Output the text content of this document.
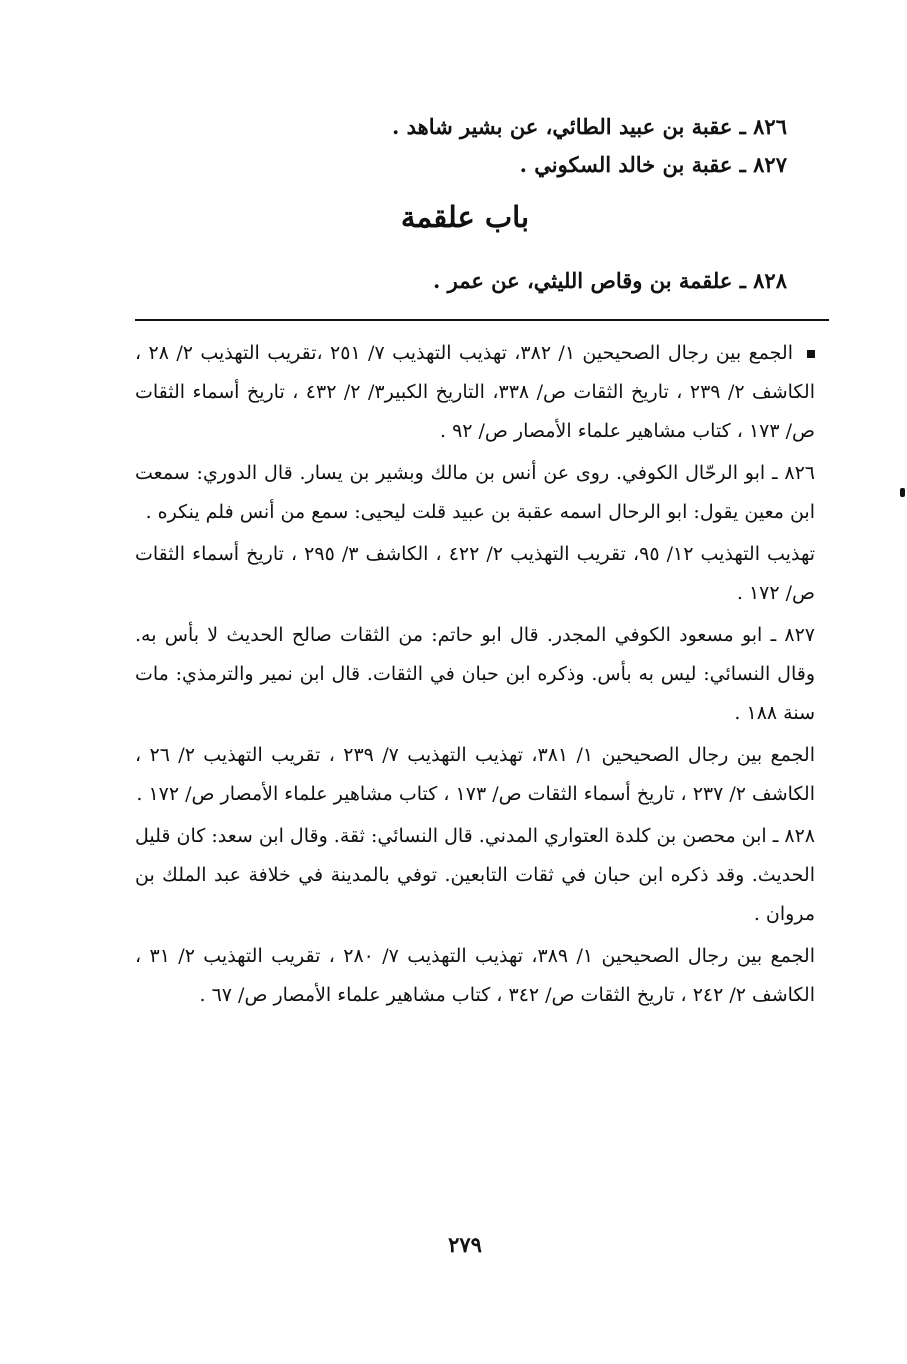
٨٢٦ ـ عقبة بن عبيد الطائي، عن بشير شاهد .

٨٢٧ ـ عقبة بن خالد السكوني .

باب علقمة
٨٢٨ ـ علقمة بن وقاص الليثي، عن عمر .

الجمع بين رجال الصحيحين ١/ ٣٨٢، تهذيب التهذيب ٧/ ٢٥١ ،تقريب التهذيب ٢/ ٢٨ ، الكاشف ٢/ ٢٣٩ ، تاريخ الثقات ص/ ٣٣٨، التاريخ الكبير٣/ ٢/ ٤٣٢ ، تاريخ أسماء الثقات ص/ ١٧٣ ، كتاب مشاهير علماء الأمصار ص/ ٩٢ .

٨٢٦ ـ ابو الرحّال الكوفي. روى عن أنس بن مالك وبشير بن يسار. قال الدوري: سمعت ابن معين يقول: ابو الرحال اسمه عقبة بن عبيد قلت ليحيى: سمع من أنس فلم ينكره .

تهذيب التهذيب ١٢/ ٩٥، تقريب التهذيب ٢/ ٤٢٢ ، الكاشف ٣/ ٢٩٥ ، تاريخ أسماء الثقات ص/ ١٧٢ .

٨٢٧ ـ ابو مسعود الكوفي المجدر. قال ابو حاتم: من الثقات صالح الحديث لا بأس به. وقال النسائي: ليس به بأس. وذكره ابن حبان في الثقات. قال ابن نمير والترمذي: مات سنة ١٨٨ .

الجمع بين رجال الصحيحين ١/ ٣٨١، تهذيب التهذيب ٧/ ٢٣٩ ، تقريب التهذيب ٢/ ٢٦ ، الكاشف ٢/ ٢٣٧ ، تاريخ أسماء الثقات ص/ ١٧٣ ، كتاب مشاهير علماء الأمصار ص/ ١٧٢ .

٨٢٨ ـ ابن محصن بن كلدة العتواري المدني. قال النسائي: ثقة. وقال ابن سعد: كان قليل الحديث. وقد ذكره ابن حبان في ثقات التابعين. توفي بالمدينة في خلافة عبد الملك بن مروان .

الجمع بين رجال الصحيحين ١/ ٣٨٩، تهذيب التهذيب ٧/ ٢٨٠ ، تقريب التهذيب ٢/ ٣١ ، الكاشف ٢/ ٢٤٢ ، تاريخ الثقات ص/ ٣٤٢ ، كتاب مشاهير علماء الأمصار ص/ ٦٧ .

٢٧٩
